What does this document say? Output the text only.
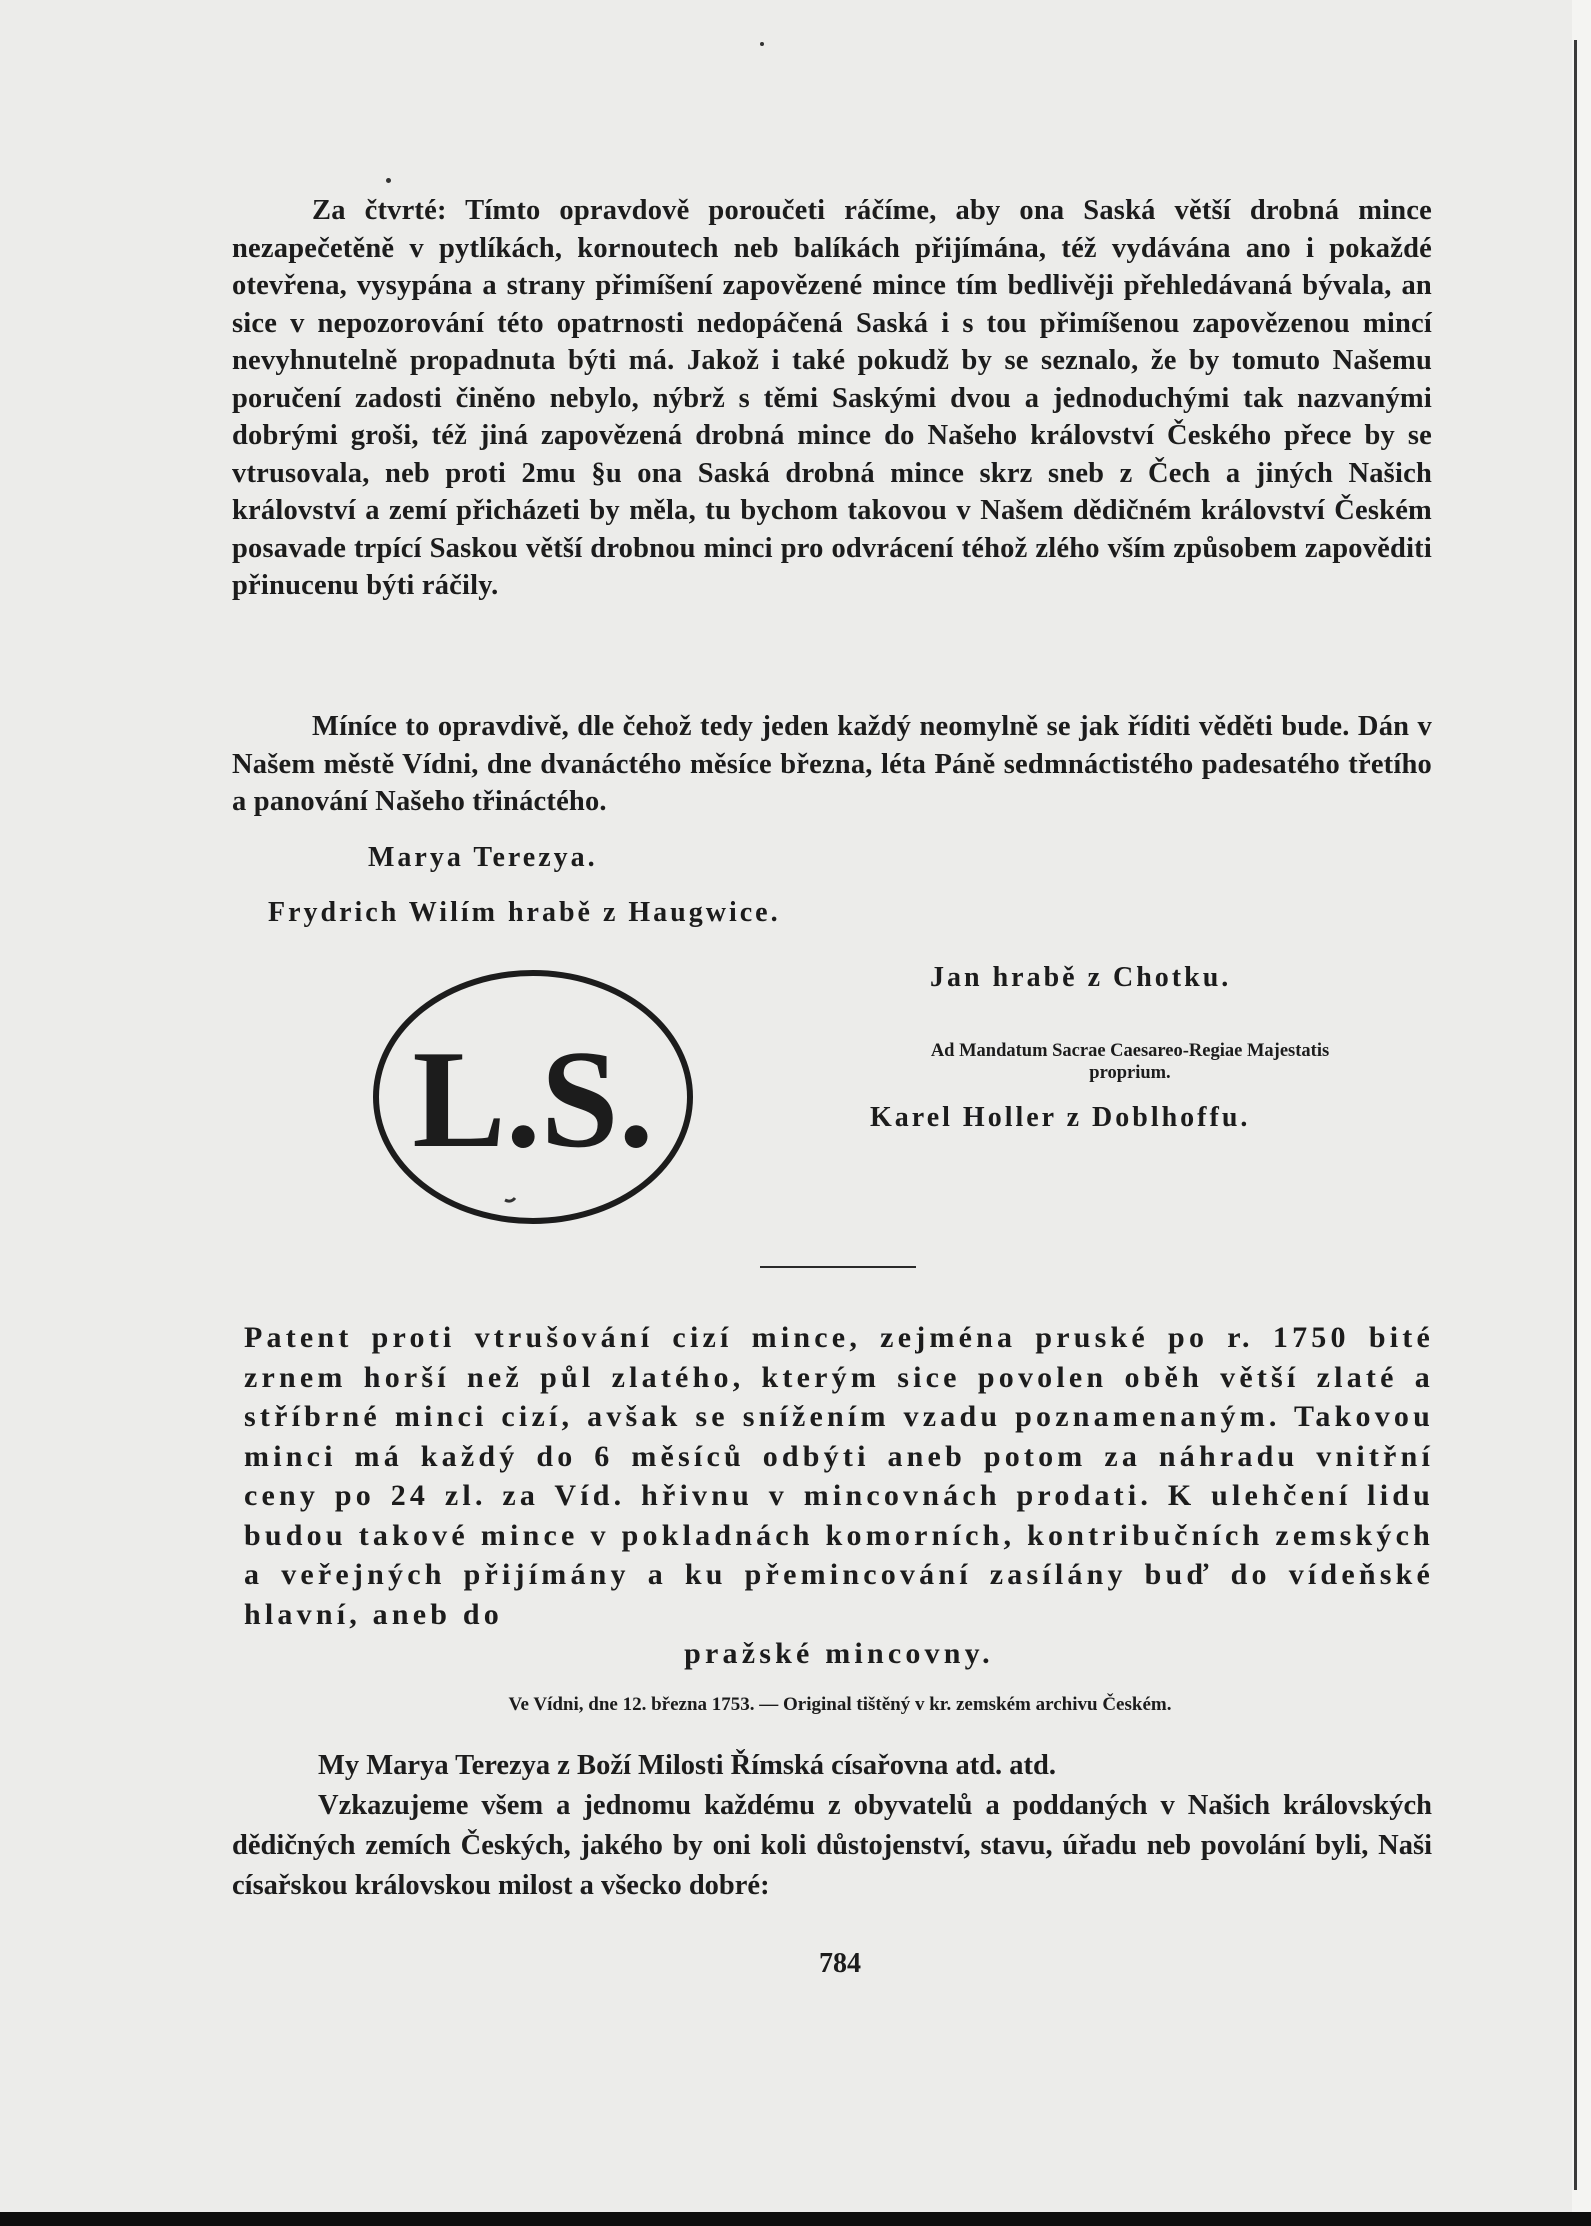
Za čtvrté: Tímto opravdově poroučeti ráčíme, aby ona Saská větší drobná mince nezapečetěně v pytlíkách, kornoutech neb balíkách přijímána, též vydávána ano i pokaždé otevřena, vysypána a strany přimíšení zapovězené mince tím bedlivěji přehledávaná bývala, an sice v nepozorování této opatrnosti nedopáčená Saská i s tou přimíšenou zapovězenou mincí nevyhnutelně propadnuta býti má. Jakož i také pokudž by se seznalo, že by tomuto Našemu poručení zadosti činěno nebylo, nýbrž s těmi Saskými dvou a jednoduchými tak nazvanými dobrými groši, též jiná zapovězená drobná mince do Našeho království Českého přece by se vtrusovala, neb proti 2mu §u ona Saská drobná mince skrz sneb z Čech a jiných Našich království a zemí přicházeti by měla, tu bychom takovou v Našem dědičném království Českém posavade trpící Saskou větší drobnou minci pro odvrácení téhož zlého vším způsobem zapověditi přinucenu býti ráčily.

Míníce to opravdivě, dle čehož tedy jeden každý neomylně se jak říditi věděti bude. Dán v Našem městě Vídni, dne dvanáctého měsíce března, léta Páně sedmnáctistého padesatého třetího a panování Našeho třináctého.

Marya Terezya.
Frydrich Wilím hrabě z Haugwice.
Jan hrabě z Chotku.
Ad Mandatum Sacrae Caesareo-Regiae Majestatis
proprium.
Karel Holler z Doblhoffu.
L.S.
Patent proti vtrušování cizí mince, zejména pruské po r. 1750 bité zrnem horší než půl zlatého, kterým sice povolen oběh větší zlaté a stříbrné minci cizí, avšak se snížením vzadu poznamenaným. Takovou minci má každý do 6 měsíců odbýti aneb potom za náhradu vnitřní ceny po 24 zl. za Víd. hřivnu v mincovnách prodati. K ulehčení lidu budou takové mince v pokladnách komorních, kontribučních zemských a veřejných přijímány a ku přemincování zasílány buď do vídeňské hlavní, aneb do
pražské mincovny.
Ve Vídni, dne 12. března 1753. — Original tištěný v kr. zemském archivu Českém.

My Marya Terezya z Boží Milosti Římská císařovna atd. atd.

Vzkazujeme všem a jednomu každému z obyvatelů a poddaných v Našich královských dědičných zemích Českých, jakého by oni koli důstojenství, stavu, úřadu neb povolání byli, Naši císařskou královskou milost a všecko dobré:

784
